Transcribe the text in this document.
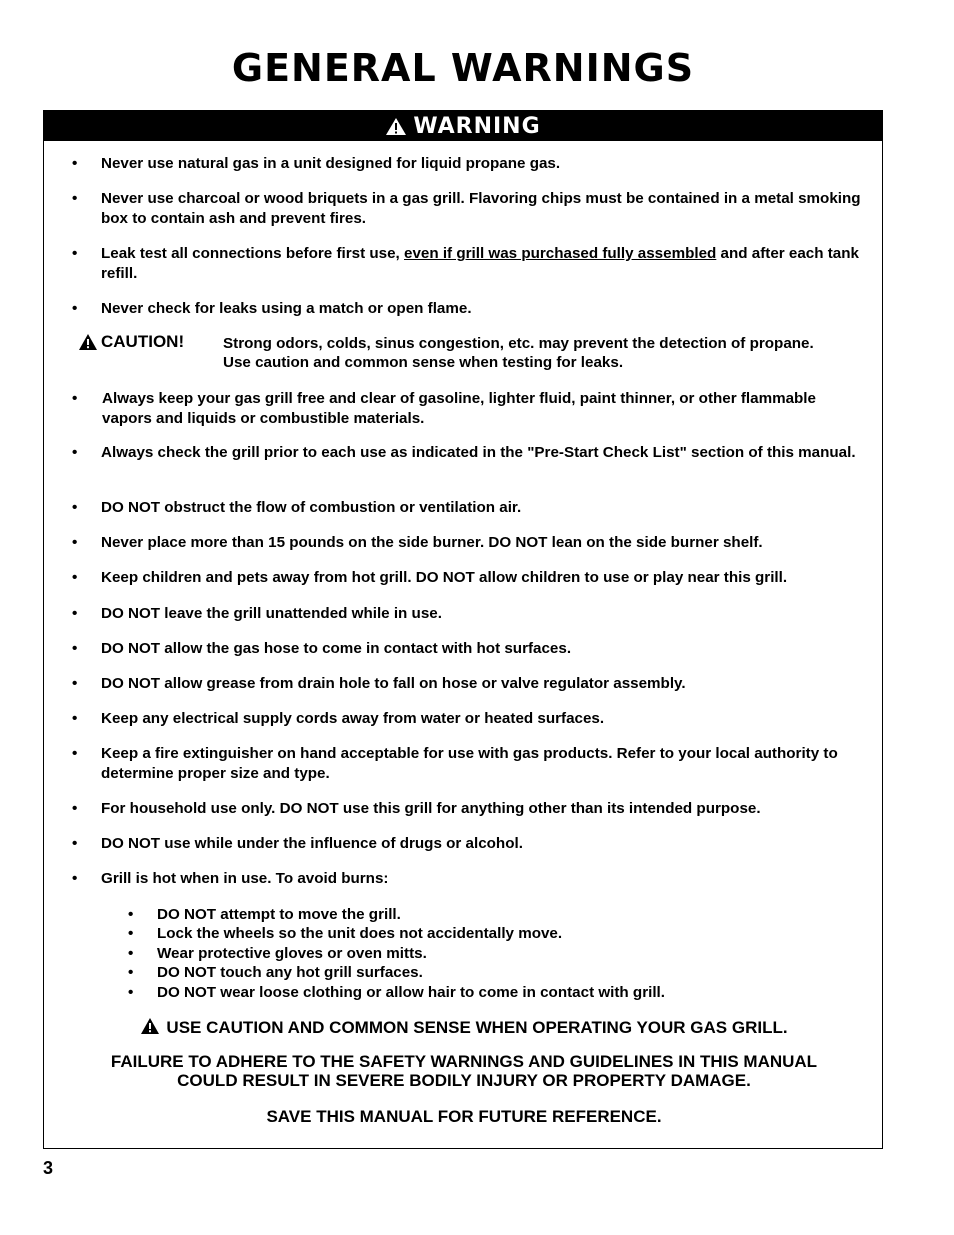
GENERAL WARNINGS
WARNING
• Never use natural gas in a unit designed for liquid propane gas.
• Never use charcoal or wood briquets in a gas grill. Flavoring chips must be contained in a metal smoking box to contain ash and prevent fires.
• Leak test all connections before first use, even if grill was purchased fully assembled and after each tank refill.
• Never check for leaks using a match or open flame.
CAUTION!	Strong odors, colds, sinus congestion, etc. may prevent the detection of propane. Use caution and common sense when testing for leaks.
• Always keep your gas grill free and clear of gasoline, lighter fluid, paint thinner, or other flammable vapors and liquids or combustible materials.
• Always check the grill prior to each use as indicated in the "Pre-Start Check List" section of this manual.
• DO NOT obstruct the flow of combustion or ventilation air.
• Never place more than 15 pounds on the side burner. DO NOT lean on the side burner shelf.
• Keep children and pets away from hot grill. DO NOT allow children to use or play near this grill.
• DO NOT leave the grill unattended while in use.
• DO NOT allow the gas hose to come in contact with hot surfaces.
• DO NOT allow grease from drain hole to fall on hose or valve regulator assembly.
• Keep any electrical supply cords away from water or heated surfaces.
• Keep a fire extinguisher on hand acceptable for use with gas products. Refer to your local authority to determine proper size and type.
• For household use only. DO NOT use this grill for anything other than its intended purpose.
• DO NOT use while under the influence of drugs or alcohol.
• Grill is hot when in use. To avoid burns:
• DO NOT attempt to move the grill.
• Lock the wheels so the unit does not accidentally move.
• Wear protective gloves or oven mitts.
• DO NOT touch any hot grill surfaces.
• DO NOT wear loose clothing or allow hair to come in contact with grill.
USE CAUTION AND COMMON SENSE WHEN OPERATING YOUR GAS GRILL.
FAILURE TO ADHERE TO THE SAFETY WARNINGS AND GUIDELINES IN THIS MANUAL
COULD RESULT IN SEVERE BODILY INJURY OR PROPERTY DAMAGE.
SAVE THIS MANUAL FOR FUTURE REFERENCE.
3
